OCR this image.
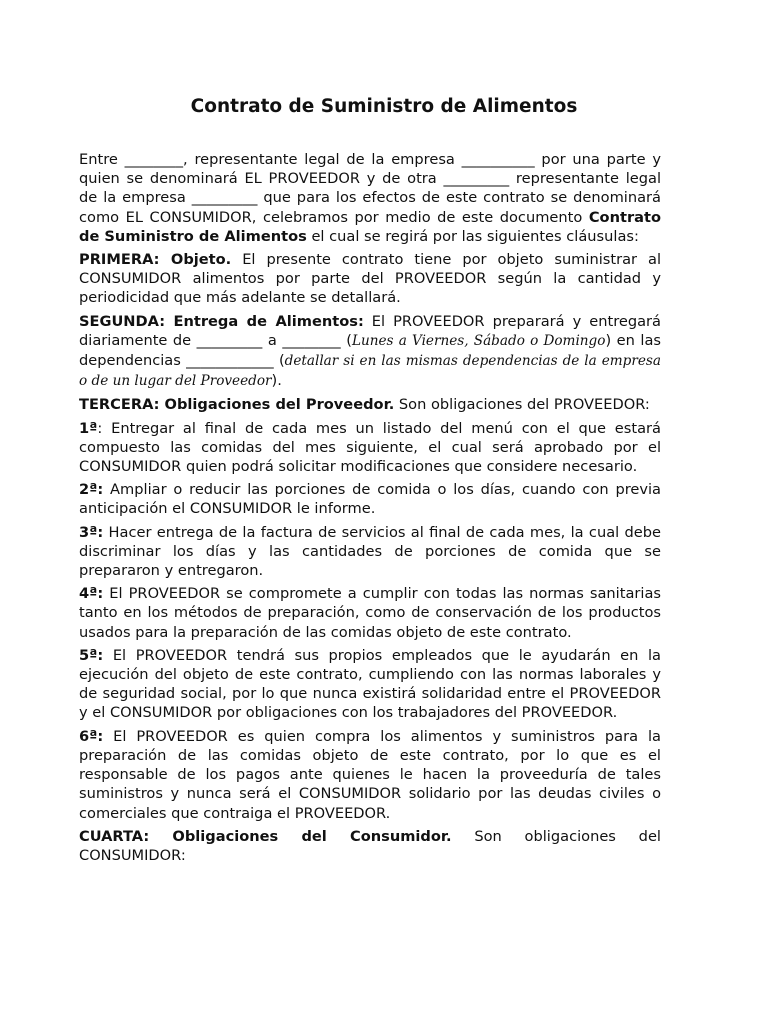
Contrato de Suministro de Alimentos

Entre ________, representante legal de la empresa __________ por una parte y quien se denominará EL PROVEEDOR y de otra _________ representante legal de la empresa _________ que para los efectos de este contrato se denominará como EL CONSUMIDOR, celebramos por medio de este documento Contrato de Suministro de Alimentos el cual se regirá por las siguientes cláusulas:

PRIMERA: Objeto. El presente contrato tiene por objeto suministrar al CONSUMIDOR alimentos por parte del PROVEEDOR según la cantidad y periodicidad que más adelante se detallará.

SEGUNDA: Entrega de Alimentos: El PROVEEDOR preparará y entregará diariamente de _________ a ________ (Lunes a Viernes, Sábado o Domingo) en las dependencias ____________ (detallar si en las mismas dependencias de la empresa o de un lugar del Proveedor).

TERCERA: Obligaciones del Proveedor. Son obligaciones del PROVEEDOR:

1ª: Entregar al final de cada mes un listado del menú con el que estará compuesto las comidas del mes siguiente, el cual será aprobado por el CONSUMIDOR quien podrá solicitar modificaciones que considere necesario.

2ª: Ampliar o reducir las porciones de comida o los días, cuando con previa anticipación el CONSUMIDOR le informe.

3ª: Hacer entrega de la factura de servicios al final de cada mes, la cual debe discriminar los días y las cantidades de porciones de comida que se prepararon y entregaron.

4ª: El PROVEEDOR se compromete a cumplir con todas las normas sanitarias tanto en los métodos de preparación, como de conservación de los productos usados para la preparación de las comidas objeto de este contrato.

5ª: El PROVEEDOR tendrá sus propios empleados que le ayudarán en la ejecución del objeto de este contrato, cumpliendo con las normas laborales y de seguridad social, por lo que nunca existirá solidaridad entre el PROVEEDOR y el CONSUMIDOR por obligaciones con los trabajadores del PROVEEDOR.

6ª: El PROVEEDOR es quien compra los alimentos y suministros para la preparación de las comidas objeto de este contrato, por lo que es el responsable de los pagos ante quienes le hacen la proveeduría de tales suministros y nunca será el CONSUMIDOR solidario por las deudas civiles o comerciales que contraiga el PROVEEDOR.

CUARTA: Obligaciones del Consumidor. Son obligaciones del CONSUMIDOR:
